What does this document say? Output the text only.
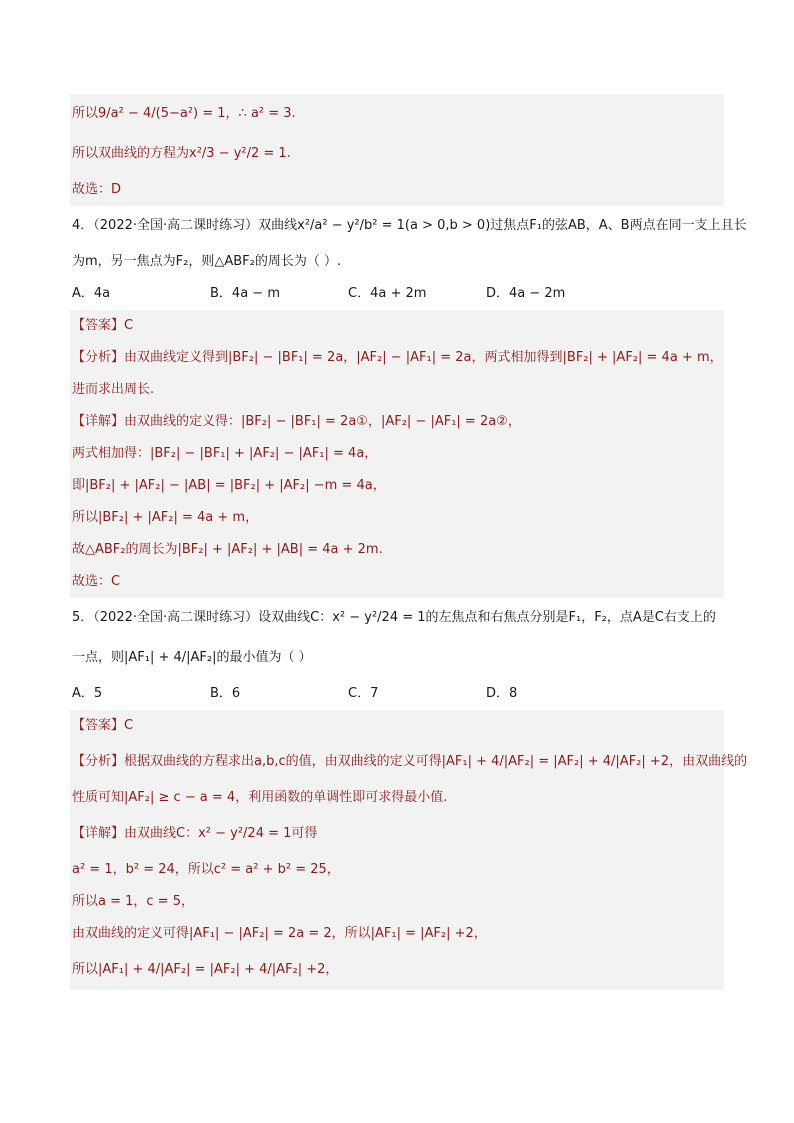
所以9/a² − 4/(5−a²) = 1，∴ a² = 3.
所以双曲线的方程为x²/3 − y²/2 = 1.
故选：D
4．（2022·全国·高二课时练习）双曲线x²/a² − y²/b² = 1(a > 0,b > 0)过焦点F₁的弦AB，A、B两点在同一支上且长
为m，另一焦点为F₂，则△ABF₂的周长为（ ）.
A．4a	B．4a − m	C．4a + 2m	D．4a − 2m
【答案】C
【分析】由双曲线定义得到|BF₂| − |BF₁| = 2a，|AF₂| − |AF₁| = 2a，两式相加得到|BF₂| + |AF₂| = 4a + m，
进而求出周长.
【详解】由双曲线的定义得：|BF₂| − |BF₁| = 2a①，|AF₂| − |AF₁| = 2a②，
两式相加得：|BF₂| − |BF₁| + |AF₂| − |AF₁| = 4a，
即|BF₂| + |AF₂| − |AB| = |BF₂| + |AF₂| −m = 4a，
所以|BF₂| + |AF₂| = 4a + m，
故△ABF₂的周长为|BF₂| + |AF₂| + |AB| = 4a + 2m.
故选：C
5．（2022·全国·高二课时练习）设双曲线C：x² − y²/24 = 1的左焦点和右焦点分别是F₁，F₂，点A是C右支上的
一点，则|AF₁| + 4/|AF₂|的最小值为（ ）
A．5	B．6	C．7	D．8
【答案】C
【分析】根据双曲线的方程求出a,b,c的值，由双曲线的定义可得|AF₁| + 4/|AF₂| = |AF₂| + 4/|AF₂| +2，由双曲线的
性质可知|AF₂| ≥ c − a = 4，利用函数的单调性即可求得最小值.
【详解】由双曲线C：x² − y²/24 = 1可得
a² = 1，b² = 24，所以c² = a² + b² = 25，
所以a = 1，c = 5，
由双曲线的定义可得|AF₁| − |AF₂| = 2a = 2，所以|AF₁| = |AF₂| +2，
所以|AF₁| + 4/|AF₂| = |AF₂| + 4/|AF₂| +2，
